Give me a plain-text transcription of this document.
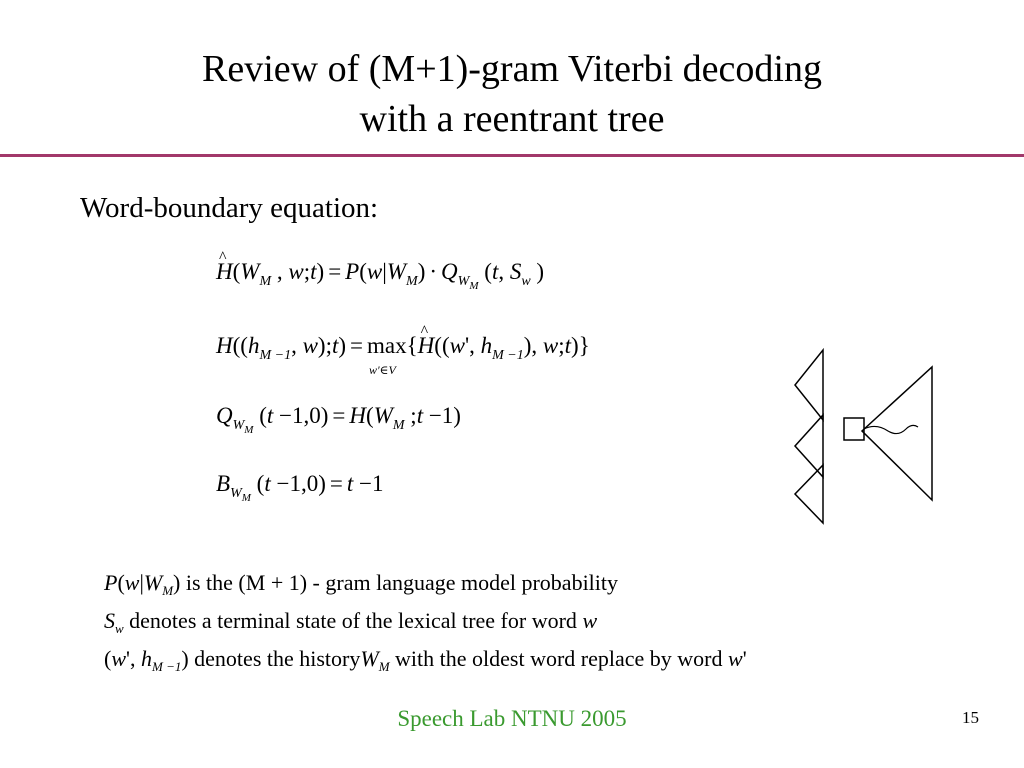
Review of (M+1)-gram Viterbi decoding
with a reentrant tree
Word-boundary equation:
^ $H(W_M$ , w;t) = $P(w|W_M) \cdot Q_{W_M}$ (t, $S_w$ )
$H((h_{M -1}$, w);t) = max
w'∈V
{^ H((w', $h_{M -1}$), w;t)}
$Q_{W_M}$ $(t -1,0) = H(W_M$ ;t −1)
$B_{W_M}$ (t −1,0) = t −1
$P(w|W_M)$ is the (M + 1) - gram language model probability
$S_w$ denotes a terminal state of the lexical tree for word w
(w', $h_{M -1}$) denotes the historyW$_M$ with the oldest word replace by word w'
Speech Lab NTNU 2005	15
